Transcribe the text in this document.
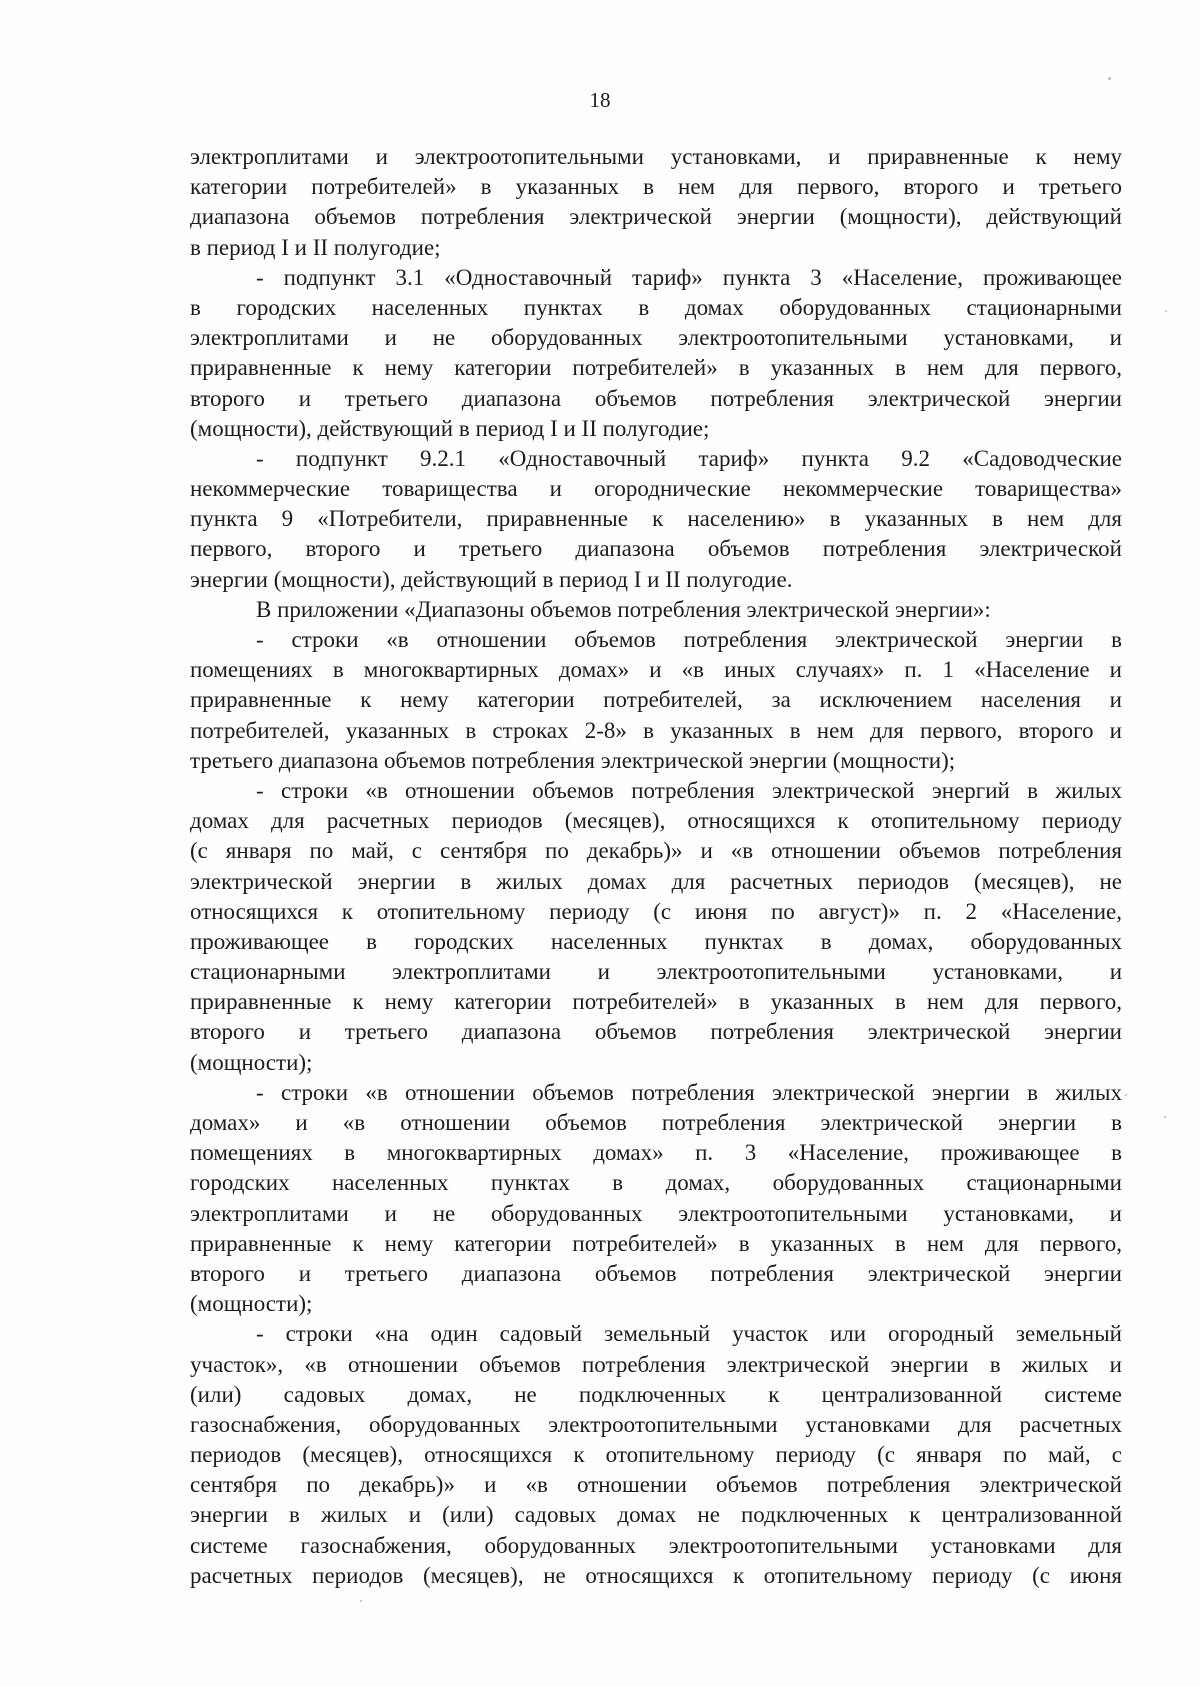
18
электроплитами и электроотопительными установками, и приравненные к нему
категории потребителей» в указанных в нем для первого, второго и третьего
диапазона объемов потребления электрической энергии (мощности), действующий
в период I и II полугодие;
- подпункт 3.1 «Одноставочный тариф» пункта 3 «Население, проживающее
в городских населенных пунктах в домах оборудованных стационарными
электроплитами и не оборудованных электроотопительными установками, и
приравненные к нему категории потребителей» в указанных в нем для первого,
второго и третьего диапазона объемов потребления электрической энергии
(мощности), действующий в период I и II полугодие;
- подпункт 9.2.1 «Одноставочный тариф» пункта 9.2 «Садоводческие
некоммерческие товарищества и огороднические некоммерческие товарищества»
пункта 9 «Потребители, приравненные к населению» в указанных в нем для
первого, второго и третьего диапазона объемов потребления электрической
энергии (мощности), действующий в период I и II полугодие.
В приложении «Диапазоны объемов потребления электрической энергии»:
- строки «в отношении объемов потребления электрической энергии в
помещениях в многоквартирных домах» и «в иных случаях» п. 1 «Население и
приравненные к нему категории потребителей, за исключением населения и
потребителей, указанных в строках 2-8» в указанных в нем для первого, второго и
третьего диапазона объемов потребления электрической энергии (мощности);
- строки «в отношении объемов потребления электрической энергий в жилых
домах для расчетных периодов (месяцев), относящихся к отопительному периоду
(с января по май, с сентября по декабрь)» и «в отношении объемов потребления
электрической энергии в жилых домах для расчетных периодов (месяцев), не
относящихся к отопительному периоду (с июня по август)» п. 2 «Население,
проживающее в городских населенных пунктах в домах, оборудованных
стационарными электроплитами и электроотопительными установками, и
приравненные к нему категории потребителей» в указанных в нем для первого,
второго и третьего диапазона объемов потребления электрической энергии
(мощности);
- строки «в отношении объемов потребления электрической энергии в жилых
домах» и «в отношении объемов потребления электрической энергии в
помещениях в многоквартирных домах» п. 3 «Население, проживающее в
городских населенных пунктах в домах, оборудованных стационарными
электроплитами и не оборудованных электроотопительными установками, и
приравненные к нему категории потребителей» в указанных в нем для первого,
второго и третьего диапазона объемов потребления электрической энергии
(мощности);
- строки «на один садовый земельный участок или огородный земельный
участок», «в отношении объемов потребления электрической энергии в жилых и
(или) садовых домах, не подключенных к централизованной системе
газоснабжения, оборудованных электроотопительными установками для расчетных
периодов (месяцев), относящихся к отопительному периоду (с января по май, с
сентября по декабрь)» и «в отношении объемов потребления электрической
энергии в жилых и (или) садовых домах не подключенных к централизованной
системе газоснабжения, оборудованных электроотопительными установками для
расчетных периодов (месяцев), не относящихся к отопительному периоду (с июня
